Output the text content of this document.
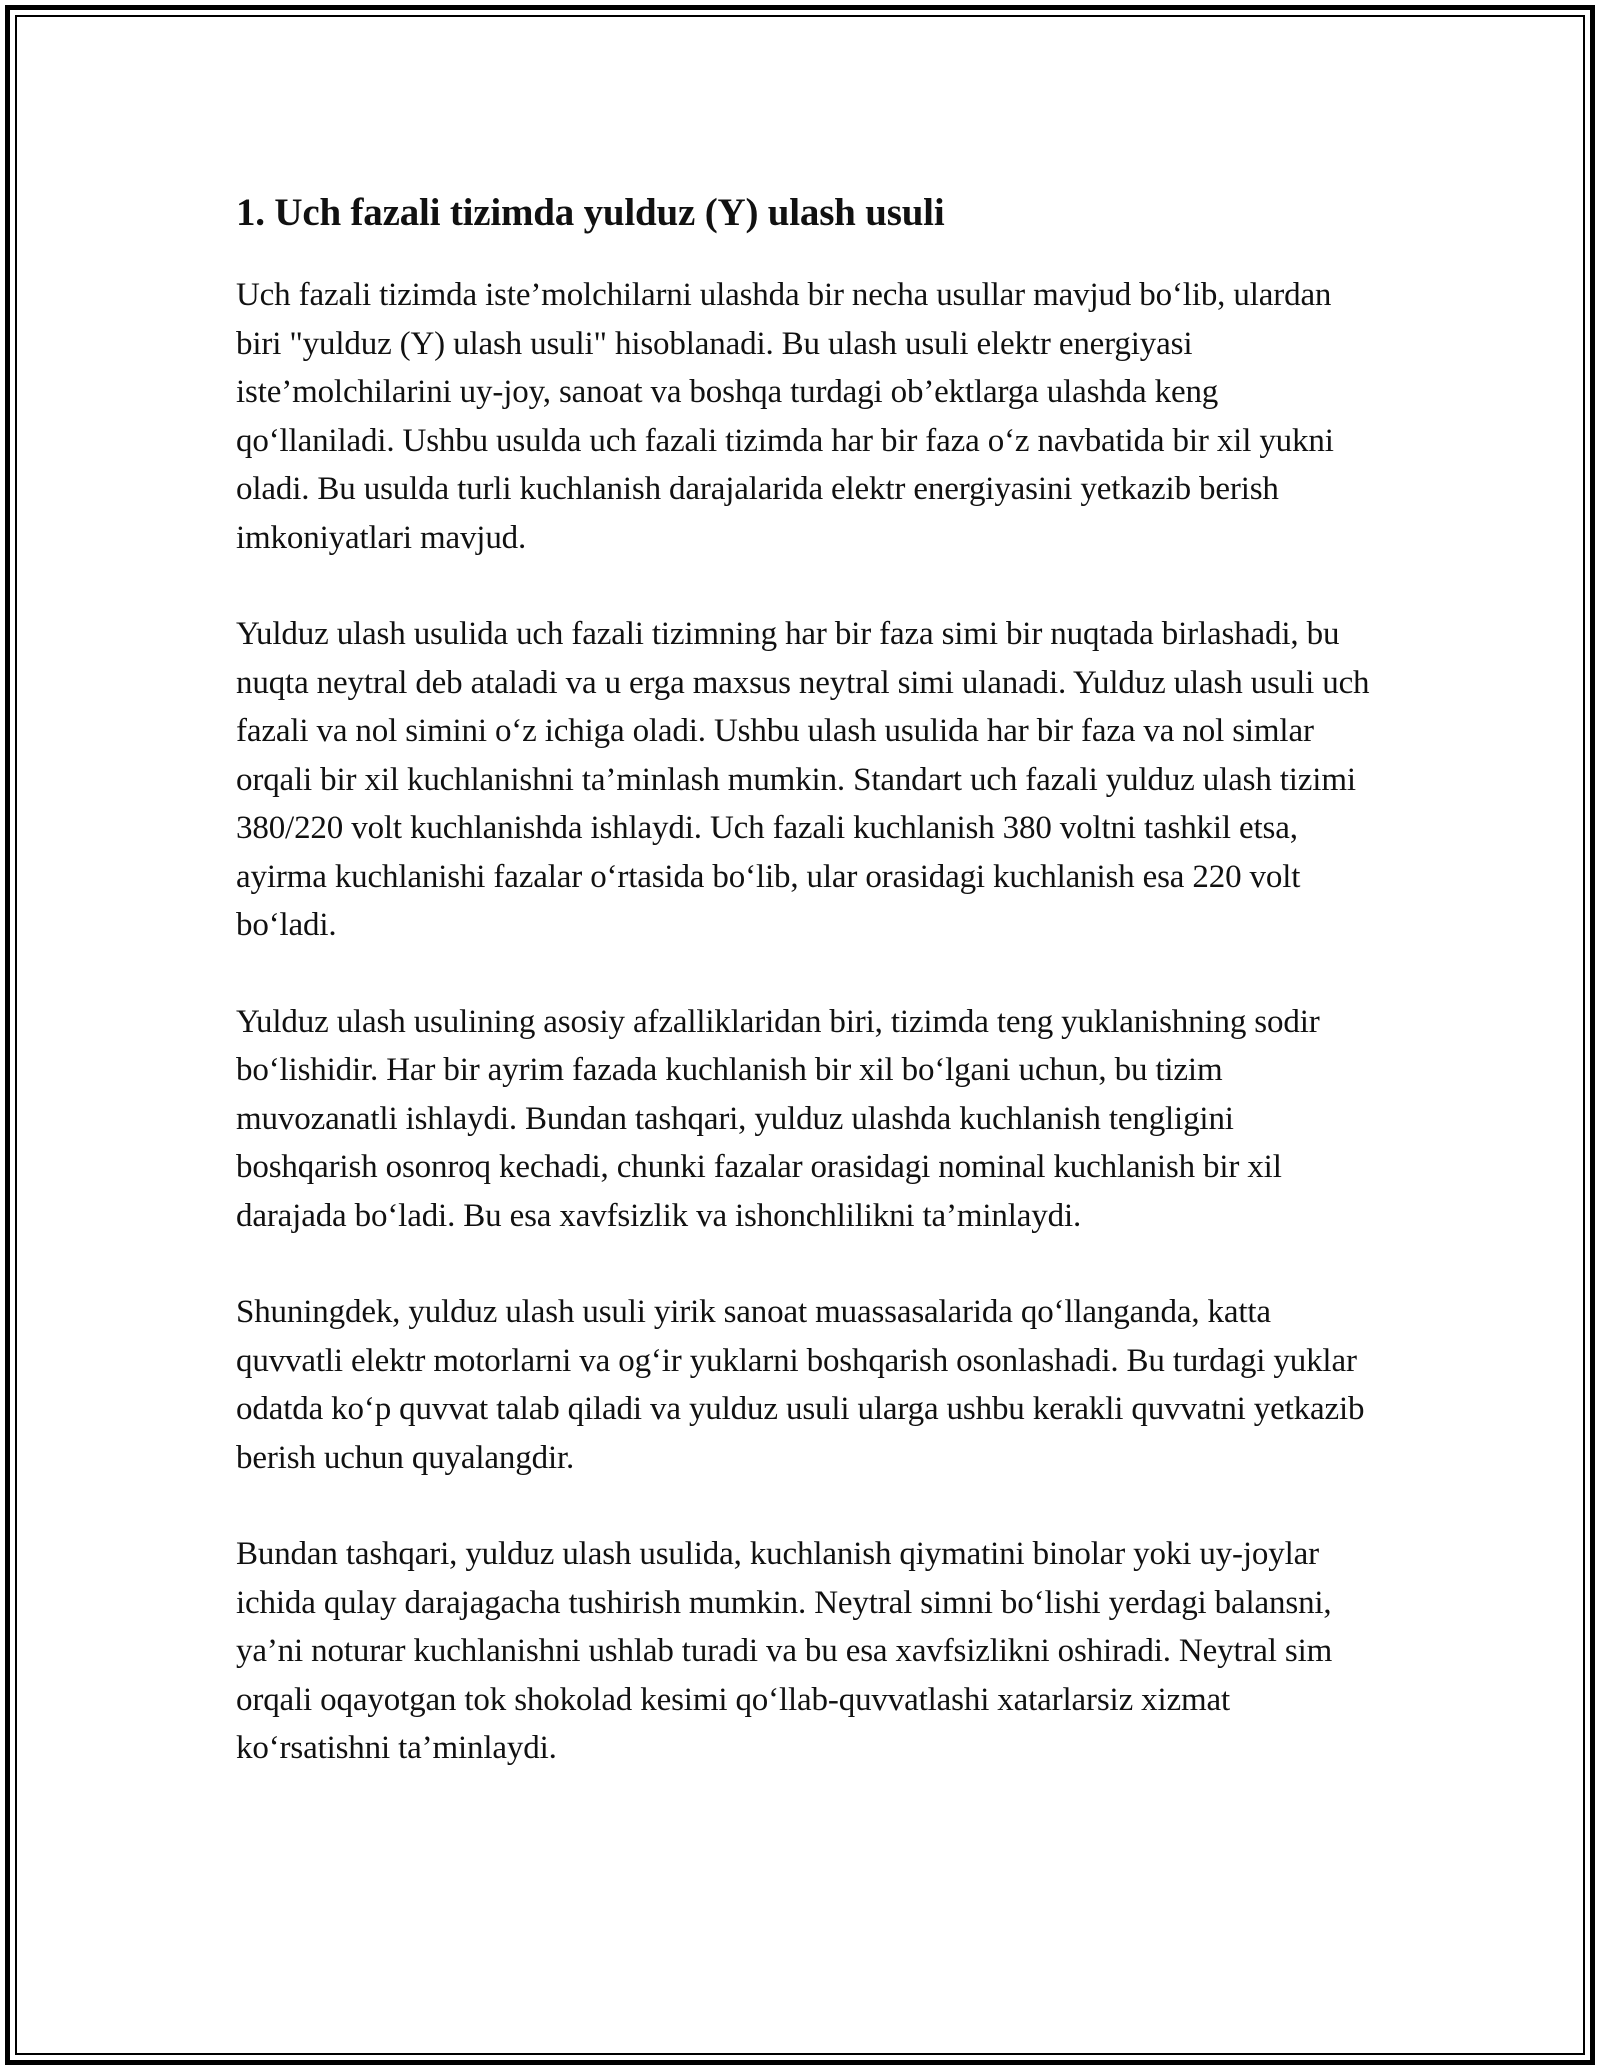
1. Uch fazali tizimda yulduz (Y) ulash usuli

Uch fazali tizimda iste’molchilarni ulashda bir necha usullar mavjud bo‘lib, ulardan biri "yulduz (Y) ulash usuli" hisoblanadi. Bu ulash usuli elektr energiyasi iste’molchilarini uy-joy, sanoat va boshqa turdagi ob’ektlarga ulashda keng qo‘llaniladi. Ushbu usulda uch fazali tizimda har bir faza o‘z navbatida bir xil yukni oladi. Bu usulda turli kuchlanish darajalarida elektr energiyasini yetkazib berish imkoniyatlari mavjud.

Yulduz ulash usulida uch fazali tizimning har bir faza simi bir nuqtada birlashadi, bu nuqta neytral deb ataladi va u erga maxsus neytral simi ulanadi. Yulduz ulash usuli uch fazali va nol simini o‘z ichiga oladi. Ushbu ulash usulida har bir faza va nol simlar orqali bir xil kuchlanishni ta’minlash mumkin. Standart uch fazali yulduz ulash tizimi 380/220 volt kuchlanishda ishlaydi. Uch fazali kuchlanish 380 voltni tashkil etsa, ayirma kuchlanishi fazalar o‘rtasida bo‘lib, ular orasidagi kuchlanish esa 220 volt bo‘ladi.

Yulduz ulash usulining asosiy afzalliklaridan biri, tizimda teng yuklanishning sodir bo‘lishidir. Har bir ayrim fazada kuchlanish bir xil bo‘lgani uchun, bu tizim muvozanatli ishlaydi. Bundan tashqari, yulduz ulashda kuchlanish tengligini boshqarish osonroq kechadi, chunki fazalar orasidagi nominal kuchlanish bir xil darajada bo‘ladi. Bu esa xavfsizlik va ishonchlilikni ta’minlaydi.

Shuningdek, yulduz ulash usuli yirik sanoat muassasalarida qo‘llanganda, katta quvvatli elektr motorlarni va og‘ir yuklarni boshqarish osonlashadi. Bu turdagi yuklar odatda ko‘p quvvat talab qiladi va yulduz usuli ularga ushbu kerakli quvvatni yetkazib berish uchun quyalangdir.

Bundan tashqari, yulduz ulash usulida, kuchlanish qiymatini binolar yoki uy-joylar ichida qulay darajagacha tushirish mumkin. Neytral simni bo‘lishi yerdagi balansni, ya’ni noturar kuchlanishni ushlab turadi va bu esa xavfsizlikni oshiradi. Neytral sim orqali oqayotgan tok shokolad kesimi qo‘llab-quvvatlashi xatarlarsiz xizmat ko‘rsatishni ta’minlaydi.
